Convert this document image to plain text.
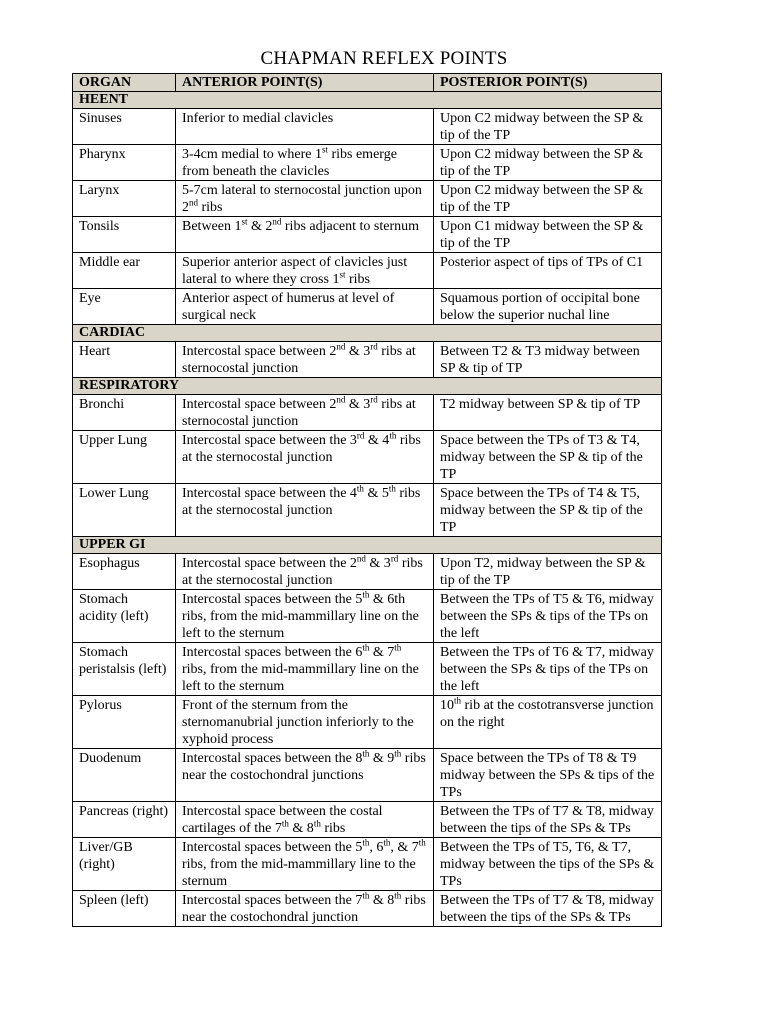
CHAPMAN REFLEX POINTS
ORGAN	ANTERIOR POINT(S)	POSTERIOR POINT(S)
HEENT		
Sinuses	Inferior to medial clavicles	Upon C2 midway between the SP & tip of the TP
Pharynx	3-4cm medial to where 1st ribs emerge from beneath the clavicles	Upon C2 midway between the SP & tip of the TP
Larynx	5-7cm lateral to sternocostal junction upon 2nd ribs	Upon C2 midway between the SP & tip of the TP
Tonsils	Between 1st & 2nd ribs adjacent to sternum	Upon C1 midway between the SP & tip of the TP
Middle ear	Superior anterior aspect of clavicles just lateral to where they cross 1st ribs	Posterior aspect of tips of TPs of C1
Eye	Anterior aspect of humerus at level of surgical neck	Squamous portion of occipital bone below the superior nuchal line
CARDIAC		
Heart	Intercostal space between 2nd & 3rd ribs at sternocostal junction	Between T2 & T3 midway between SP & tip of TP
RESPIRATORY		
Bronchi	Intercostal space between 2nd & 3rd ribs at sternocostal junction	T2 midway between SP & tip of TP
Upper Lung	Intercostal space between the 3rd & 4th ribs at the sternocostal junction	Space between the TPs of T3 & T4, midway between the SP & tip of the TP
Lower Lung	Intercostal space between the 4th & 5th ribs at the sternocostal junction	Space between the TPs of T4 & T5, midway between the SP & tip of the TP
UPPER GI		
Esophagus	Intercostal space between the 2nd & 3rd ribs at the sternocostal junction	Upon T2, midway between the SP & tip of the TP
Stomach acidity (left)	Intercostal spaces between the 5th & 6th ribs, from the mid-mammillary line on the left to the sternum	Between the TPs of T5 & T6, midway between the SPs & tips of the TPs on the left
Stomach peristalsis (left)	Intercostal spaces between the 6th & 7th ribs, from the mid-mammillary line on the left to the sternum	Between the TPs of T6 & T7, midway between the SPs & tips of the TPs on the left
Pylorus	Front of the sternum from the sternomanubrial junction inferiorly to the xyphoid process	10th rib at the costotransverse junction on the right
Duodenum	Intercostal spaces between the 8th & 9th ribs near the costochondral junctions	Space between the TPs of T8 & T9 midway between the SPs & tips of the TPs
Pancreas (right)	Intercostal space between the costal cartilages of the 7th & 8th ribs	Between the TPs of T7 & T8, midway between the tips of the SPs & TPs
Liver/GB (right)	Intercostal spaces between the 5th, 6th, & 7th ribs, from the mid-mammillary line to the sternum	Between the TPs of T5, T6, & T7, midway between the tips of the SPs & TPs
Spleen (left)	Intercostal spaces between the 7th & 8th ribs near the costochondral junction	Between the TPs of T7 & T8, midway between the tips of the SPs & TPs
